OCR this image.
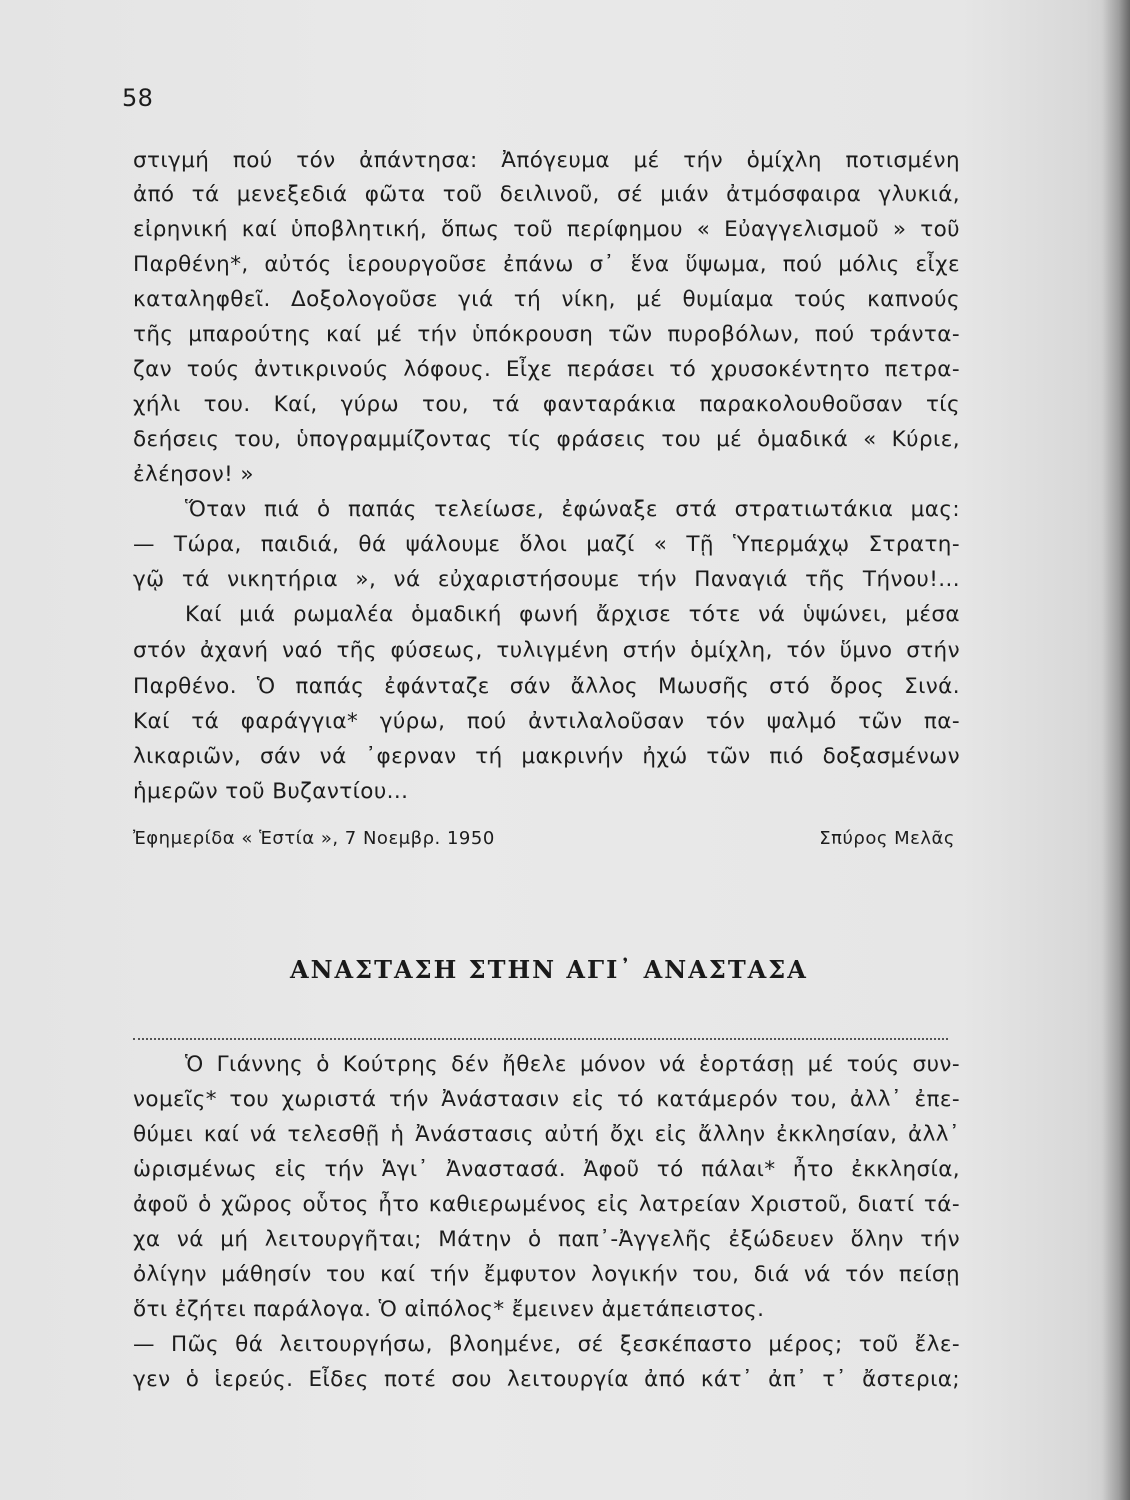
58
στιγμή πού τόν ἀπάντησα: Ἀπόγευμα μέ τήν ὁμίχλη ποτισμένη
ἀπό τά μενεξεδιά φῶτα τοῦ δειλινοῦ, σέ μιάν ἀτμόσφαιρα γλυκιά,
εἰρηνική καί ὑποβλητική, ὅπως τοῦ περίφημου « Εὐαγγελισμοῦ » τοῦ
Παρθένη*, αὐτός ἱερουργοῦσε ἐπάνω σ᾿ ἕνα ὕψωμα, πού μόλις εἶχε
καταληφθεῖ. Δοξολογοῦσε γιά τή νίκη, μέ θυμίαμα τούς καπνούς
τῆς μπαρούτης καί μέ τήν ὑπόκρουση τῶν πυροβόλων, πού τράντα-
ζαν τούς ἀντικρινούς λόφους. Εἶχε περάσει τό χρυσοκέντητο πετρα-
χήλι του. Καί, γύρω του, τά φανταράκια παρακολουθοῦσαν τίς
δεήσεις του, ὑπογραμμίζοντας τίς φράσεις του μέ ὁμαδικά « Κύριε,
ἐλέησον! »
Ὅταν πιά ὁ παπάς τελείωσε, ἐφώναξε στά στρατιωτάκια μας:
— Τώρα, παιδιά, θά ψάλουμε ὅλοι μαζί « Τῇ Ὑπερμάχῳ Στρατη-
γῷ τά νικητήρια », νά εὐχαριστήσουμε τήν Παναγιά τῆς Τήνου!...
Καί μιά ρωμαλέα ὁμαδική φωνή ἄρχισε τότε νά ὑψώνει, μέσα
στόν ἀχανή ναό τῆς φύσεως, τυλιγμένη στήν ὁμίχλη, τόν ὕμνο στήν
Παρθένο. Ὁ παπάς ἐφάνταζε σάν ἄλλος Μωυσῆς στό ὄρος Σινά.
Καί τά φαράγγια* γύρω, πού ἀντιλαλοῦσαν τόν ψαλμό τῶν πα-
λικαριῶν, σάν νά ᾿φερναν τή μακρινήν ἠχώ τῶν πιό δοξασμένων
ἡμερῶν τοῦ Βυζαντίου...
Ἐφημερίδα « Ἑστία », 7 Νοεμβρ. 1950	Σπύρος Μελᾶς
ΑΝΑΣΤΑΣΗ ΣΤΗΝ ΑΓΙ᾿ ΑΝΑΣΤΑΣΑ
Ὁ Γιάννης ὁ Κούτρης δέν ἤθελε μόνον νά ἑορτάσῃ μέ τούς συν-
νομεῖς* του χωριστά τήν Ἀνάστασιν εἰς τό κατάμερόν του, ἀλλ᾿ ἐπε-
θύμει καί νά τελεσθῇ ἡ Ἀνάστασις αὐτή ὄχι εἰς ἄλλην ἐκκλησίαν, ἀλλ᾿
ὡρισμένως εἰς τήν Ἁγι᾿ Ἀναστασά. Ἀφοῦ τό πάλαι* ἦτο ἐκκλησία,
ἀφοῦ ὁ χῶρος οὗτος ἦτο καθιερωμένος εἰς λατρείαν Χριστοῦ, διατί τά-
χα νά μή λειτουργῆται; Μάτην ὁ παπ᾿-Ἀγγελῆς ἐξώδευεν ὅλην τήν
ὀλίγην μάθησίν του καί τήν ἔμφυτον λογικήν του, διά νά τόν πείσῃ
ὅτι ἐζήτει παράλογα. Ὁ αἰπόλος* ἔμεινεν ἀμετάπειστος.
— Πῶς θά λειτουργήσω, βλοημένε, σέ ξεσκέπαστο μέρος; τοῦ ἔλε-
γεν ὁ ἱερεύς. Εἶδες ποτέ σου λειτουργία ἀπό κάτ᾿ ἀπ᾿ τ᾿ ἄστερια;
